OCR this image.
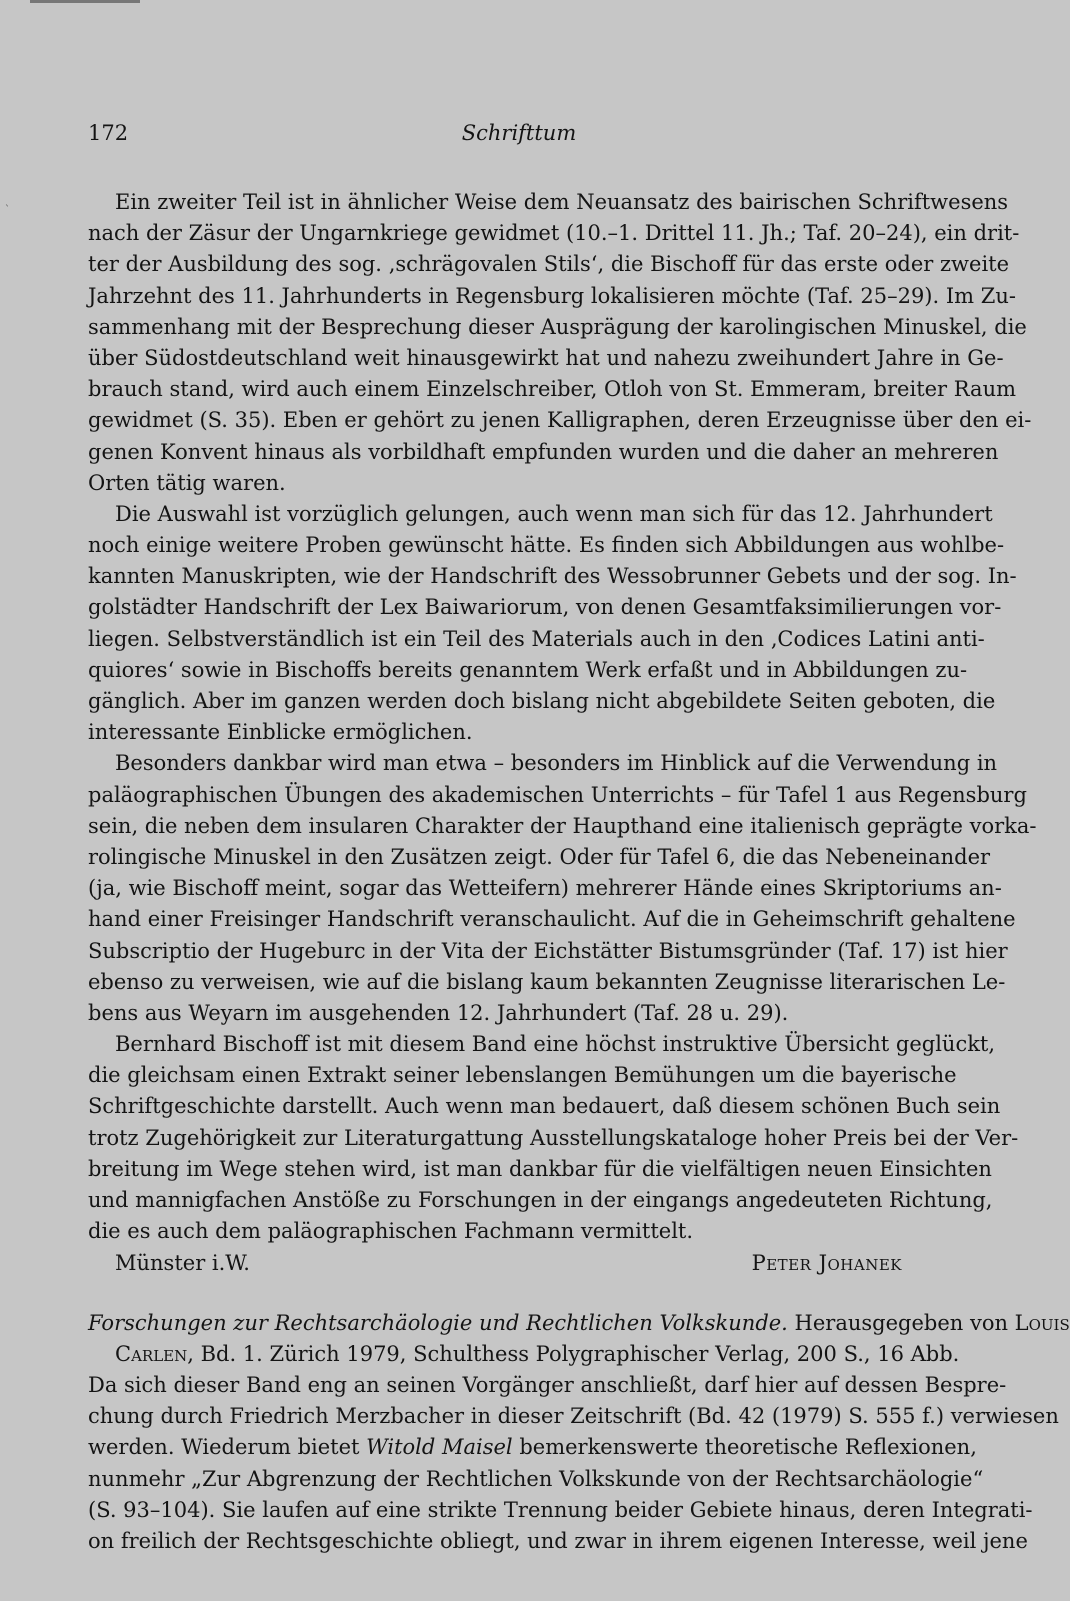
`
172	Schrifttum
Ein zweiter Teil ist in ähnlicher Weise dem Neuansatz des bairischen Schriftwesens
nach der Zäsur der Ungarnkriege gewidmet (10.–1. Drittel 11. Jh.; Taf. 20–24), ein drit-
ter der Ausbildung des sog. ‚schrägovalen Stils‘, die Bischoff für das erste oder zweite
Jahrzehnt des 11. Jahrhunderts in Regensburg lokalisieren möchte (Taf. 25–29). Im Zu-
sammenhang mit der Besprechung dieser Ausprägung der karolingischen Minuskel, die
über Südostdeutschland weit hinausgewirkt hat und nahezu zweihundert Jahre in Ge-
brauch stand, wird auch einem Einzelschreiber, Otloh von St. Emmeram, breiter Raum
gewidmet (S. 35). Eben er gehört zu jenen Kalligraphen, deren Erzeugnisse über den ei-
genen Konvent hinaus als vorbildhaft empfunden wurden und die daher an mehreren
Orten tätig waren.
Die Auswahl ist vorzüglich gelungen, auch wenn man sich für das 12. Jahrhundert
noch einige weitere Proben gewünscht hätte. Es finden sich Abbildungen aus wohlbe-
kannten Manuskripten, wie der Handschrift des Wessobrunner Gebets und der sog. In-
golstädter Handschrift der Lex Baiwariorum, von denen Gesamtfaksimilierungen vor-
liegen. Selbstverständlich ist ein Teil des Materials auch in den ‚Codices Latini anti-
quiores‘ sowie in Bischoffs bereits genanntem Werk erfaßt und in Abbildungen zu-
gänglich. Aber im ganzen werden doch bislang nicht abgebildete Seiten geboten, die
interessante Einblicke ermöglichen.
Besonders dankbar wird man etwa – besonders im Hinblick auf die Verwendung in
paläographischen Übungen des akademischen Unterrichts – für Tafel 1 aus Regensburg
sein, die neben dem insularen Charakter der Haupthand eine italienisch geprägte vorka-
rolingische Minuskel in den Zusätzen zeigt. Oder für Tafel 6, die das Nebeneinander
(ja, wie Bischoff meint, sogar das Wetteifern) mehrerer Hände eines Skriptoriums an-
hand einer Freisinger Handschrift veranschaulicht. Auf die in Geheimschrift gehaltene
Subscriptio der Hugeburc in der Vita der Eichstätter Bistumsgründer (Taf. 17) ist hier
ebenso zu verweisen, wie auf die bislang kaum bekannten Zeugnisse literarischen Le-
bens aus Weyarn im ausgehenden 12. Jahrhundert (Taf. 28 u. 29).
Bernhard Bischoff ist mit diesem Band eine höchst instruktive Übersicht geglückt,
die gleichsam einen Extrakt seiner lebenslangen Bemühungen um die bayerische
Schriftgeschichte darstellt. Auch wenn man bedauert, daß diesem schönen Buch sein
trotz Zugehörigkeit zur Literaturgattung Ausstellungskataloge hoher Preis bei der Ver-
breitung im Wege stehen wird, ist man dankbar für die vielfältigen neuen Einsichten
und mannigfachen Anstöße zu Forschungen in der eingangs angedeuteten Richtung,
die es auch dem paläographischen Fachmann vermittelt.
Münster i.W.	Peter Johanek
Forschungen zur Rechtsarchäologie und Rechtlichen Volkskunde. Herausgegeben von Louis
Carlen, Bd. 1. Zürich 1979, Schulthess Polygraphischer Verlag, 200 S., 16 Abb.
Da sich dieser Band eng an seinen Vorgänger anschließt, darf hier auf dessen Bespre-
chung durch Friedrich Merzbacher in dieser Zeitschrift (Bd. 42 (1979) S. 555 f.) verwiesen
werden. Wiederum bietet Witold Maisel bemerkenswerte theoretische Reflexionen,
nunmehr „Zur Abgrenzung der Rechtlichen Volkskunde von der Rechtsarchäologie“
(S. 93–104). Sie laufen auf eine strikte Trennung beider Gebiete hinaus, deren Integrati-
on freilich der Rechtsgeschichte obliegt, und zwar in ihrem eigenen Interesse, weil jene
